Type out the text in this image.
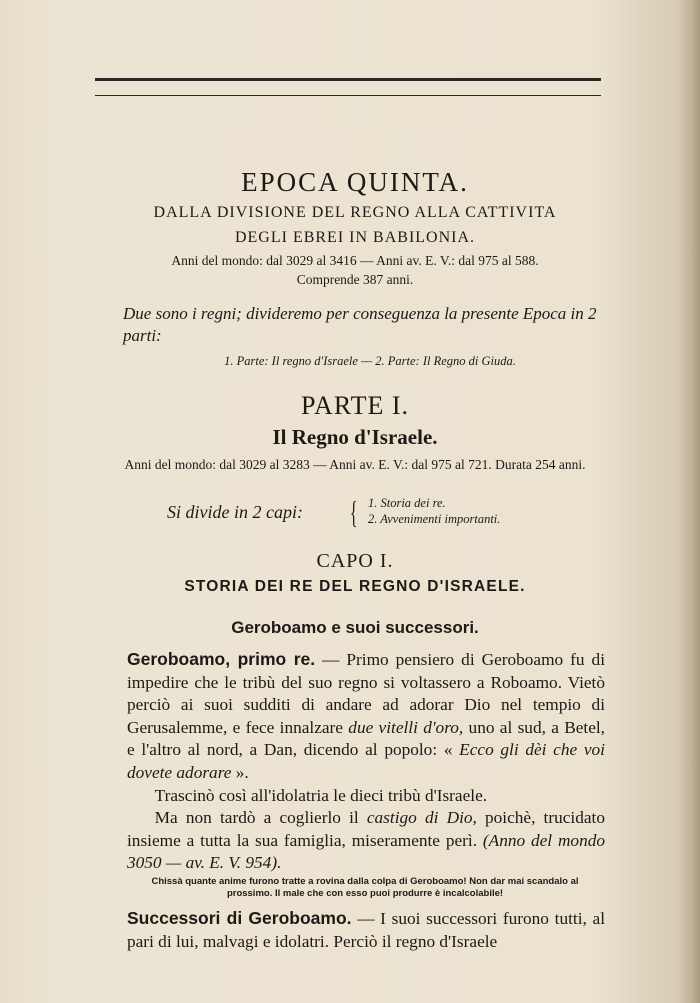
EPOCA QUINTA.
DALLA DIVISIONE DEL REGNO ALLA CATTIVITA
DEGLI EBREI IN BABILONIA.
Anni del mondo: dal 3029 al 3416 — Anni av. E. V.: dal 975 al 588.
Comprende 387 anni.
Due sono i regni; divideremo per conseguenza la presente Epoca in 2 parti:
1. Parte: Il regno d'Israele — 2. Parte: Il Regno di Giuda.
PARTE I.
Il Regno d'Israele.
Anni del mondo: dal 3029 al 3283 — Anni av. E. V.: dal 975 al 721. Durata 254 anni.
Si divide in 2 capi: { 1. Storia dei re.
2. Avvenimenti importanti.
CAPO I.
STORIA DEI RE DEL REGNO D'ISRAELE.
Geroboamo e suoi successori.

Geroboamo, primo re. — Primo pensiero di Geroboamo fu di impedire che le tribù del suo regno si voltassero a Roboamo. Vietò perciò ai suoi sudditi di andare ad adorar Dio nel tempio di Gerusalemme, e fece innalzare due vitelli d'oro, uno al sud, a Betel, e l'altro al nord, a Dan, dicendo al popolo: « Ecco gli dèi che voi dovete adorare ».

Trascinò così all'idolatria le dieci tribù d'Israele.

Ma non tardò a coglierlo il castigo di Dio, poichè, trucidato insieme a tutta la sua famiglia, miseramente perì. (Anno del mondo 3050 — av. E. V. 954).

Chissà quante anime furono tratte a rovina dalla colpa di Geroboamo! Non dar mai scandalo al prossimo. Il male che con esso puoi produrre è incalcolabile!
Successori di Geroboamo. — I suoi successori furono tutti, al pari di lui, malvagi e idolatri. Perciò il regno d'Israele
